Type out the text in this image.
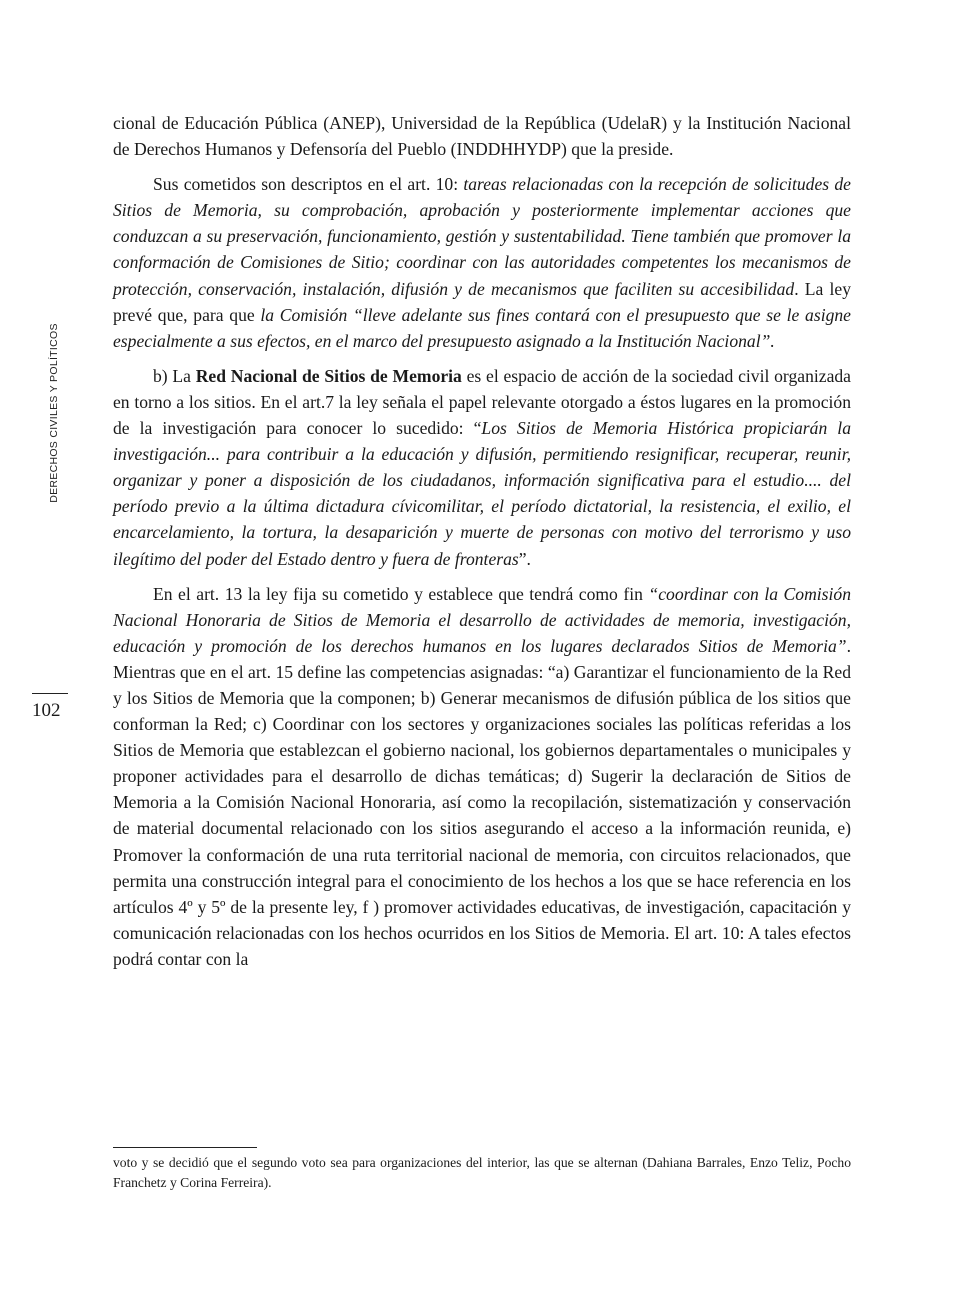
DERECHOS CIVILES Y POLÍTICOS
102

cional de Educación Pública (ANEP), Universidad de la República (UdelaR) y la Institución Nacional de Derechos Humanos y Defensoría del Pueblo (INDDHHYDP) que la preside.

Sus cometidos son descriptos en el art. 10: tareas relacionadas con la recepción de solicitudes de Sitios de Memoria, su comprobación, aprobación y posteriormente implementar acciones que conduzcan a su preservación, funcionamiento, gestión y sustentabilidad. Tiene también que promover la conformación de Comisiones de Sitio; coordinar con las autoridades competentes los mecanismos de protección, conservación, instalación, difusión y de mecanismos que faciliten su accesibilidad. La ley prevé que, para que la Comisión “lleve adelante sus fines contará con el presupuesto que se le asigne especialmente a sus efectos, en el marco del presupuesto asignado a la Institución Nacional”.

b) La Red Nacional de Sitios de Memoria es el espacio de acción de la sociedad civil organizada en torno a los sitios. En el art.7 la ley señala el papel relevante otorgado a éstos lugares en la promoción de la investigación para conocer lo sucedido: “Los Sitios de Memoria Histórica propiciarán la investigación... para contribuir a la educación y difusión, permitiendo resignificar, recuperar, reunir, organizar y poner a disposición de los ciudadanos, información significativa para el estudio.... del período previo a la última dictadura cívicomilitar, el período dictatorial, la resistencia, el exilio, el encarcelamiento, la tortura, la desaparición y muerte de personas con motivo del terrorismo y uso ilegítimo del poder del Estado dentro y fuera de fronteras”.

En el art. 13 la ley fija su cometido y establece que tendrá como fin “coordinar con la Comisión Nacional Honoraria de Sitios de Memoria el desarrollo de actividades de memoria, investigación, educación y promoción de los derechos humanos en los lugares declarados Sitios de Memoria”. Mientras que en el art. 15 define las competencias asignadas: “a) Garantizar el funcionamiento de la Red y los Sitios de Memoria que la componen; b) Generar mecanismos de difusión pública de los sitios que conforman la Red; c) Coordinar con los sectores y organizaciones sociales las políticas referidas a los Sitios de Memoria que establezcan el gobierno nacional, los gobiernos departamentales o municipales y proponer actividades para el desarrollo de dichas temáticas; d) Sugerir la declaración de Sitios de Memoria a la Comisión Nacional Honoraria, así como la recopilación, sistematización y conservación de material documental relacionado con los sitios asegurando el acceso a la información reunida, e) Promover la conformación de una ruta territorial nacional de memoria, con circuitos relacionados, que permita una construcción integral para el conocimiento de los hechos a los que se hace referencia en los artículos 4º y 5º de la presente ley, f ) promover actividades educativas, de investigación, capacitación y comunicación relacionadas con los hechos ocurridos en los Sitios de Memoria. El art. 10: A tales efectos podrá contar con la

voto y se decidió que el segundo voto sea para organizaciones del interior, las que se alternan (Dahiana Barrales, Enzo Teliz, Pocho Franchetz y Corina Ferreira).
